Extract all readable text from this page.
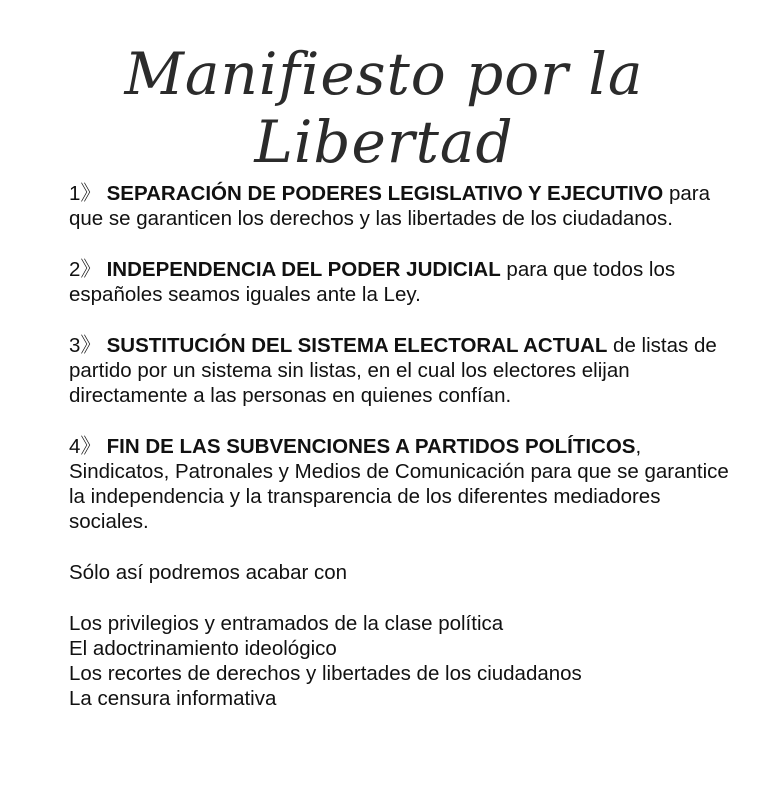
Manifiesto por la Libertad

1》 SEPARACIÓN DE PODERES LEGISLATIVO Y EJECUTIVO para que se garanticen los derechos y las libertades de los ciudadanos.

2》 INDEPENDENCIA DEL PODER JUDICIAL para que todos los españoles seamos iguales ante la Ley.

3》 SUSTITUCIÓN DEL SISTEMA ELECTORAL ACTUAL de listas de partido por un sistema sin listas, en el cual los electores elijan directamente a las personas en quienes confían.

4》 FIN DE LAS SUBVENCIONES A PARTIDOS POLÍTICOS, Sindicatos, Patronales y Medios de Comunicación para que se garantice la independencia y la transparencia de los diferentes mediadores sociales.

Sólo así podremos acabar con

Los privilegios y entramados de la clase política
El adoctrinamiento ideológico
Los recortes de derechos y libertades de los ciudadanos
La censura informativa
